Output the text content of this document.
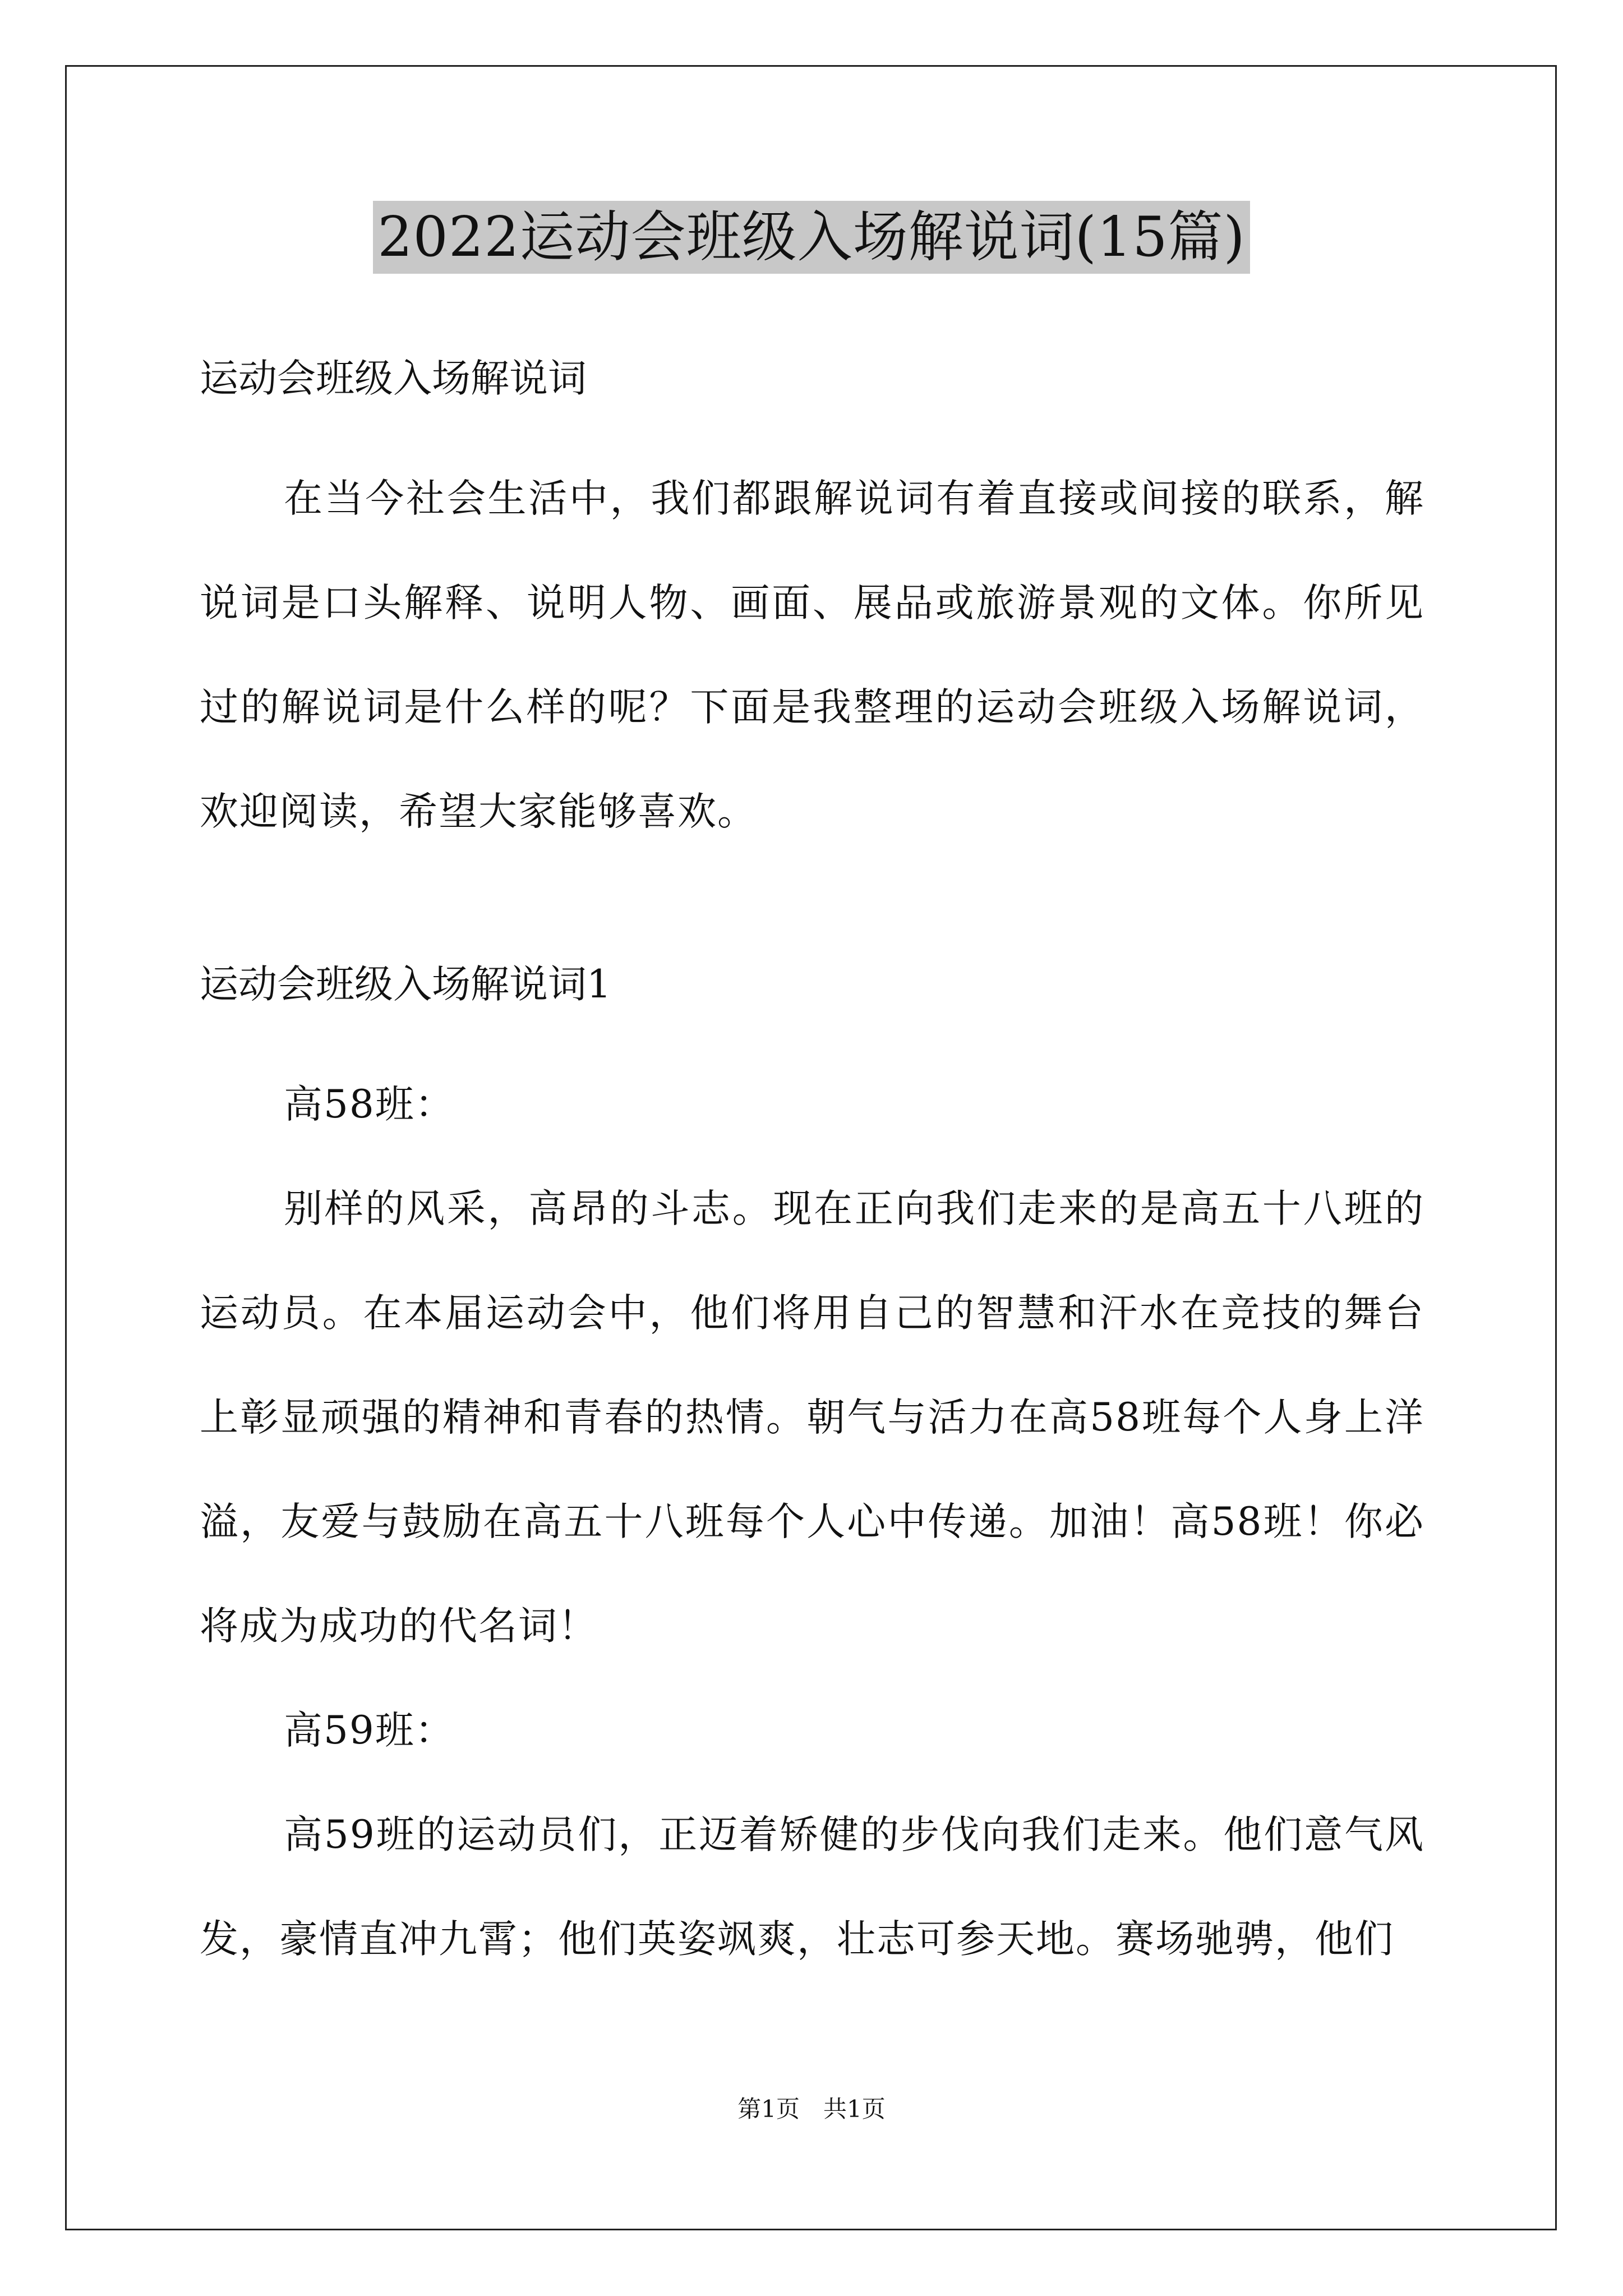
2022运动会班级入场解说词(15篇)

运动会班级入场解说词

在当今社会生活中，我们都跟解说词有着直接或间接的联系，解说词是口头解释、说明人物、画面、展品或旅游景观的文体。你所见过的解说词是什么样的呢？下面是我整理的运动会班级入场解说词，欢迎阅读，希望大家能够喜欢。

运动会班级入场解说词1

高58班：

别样的风采，高昂的斗志。现在正向我们走来的是高五十八班的运动员。在本届运动会中，他们将用自己的智慧和汗水在竞技的舞台上彰显顽强的精神和青春的热情。朝气与活力在高58班每个人身上洋溢，友爱与鼓励在高五十八班每个人心中传递。加油！高58班！你必将成为成功的代名词！

高59班：

高59班的运动员们，正迈着矫健的步伐向我们走来。他们意气风发，豪情直冲九霄；他们英姿飒爽，壮志可参天地。赛场驰骋，他们

第1页　共1页
